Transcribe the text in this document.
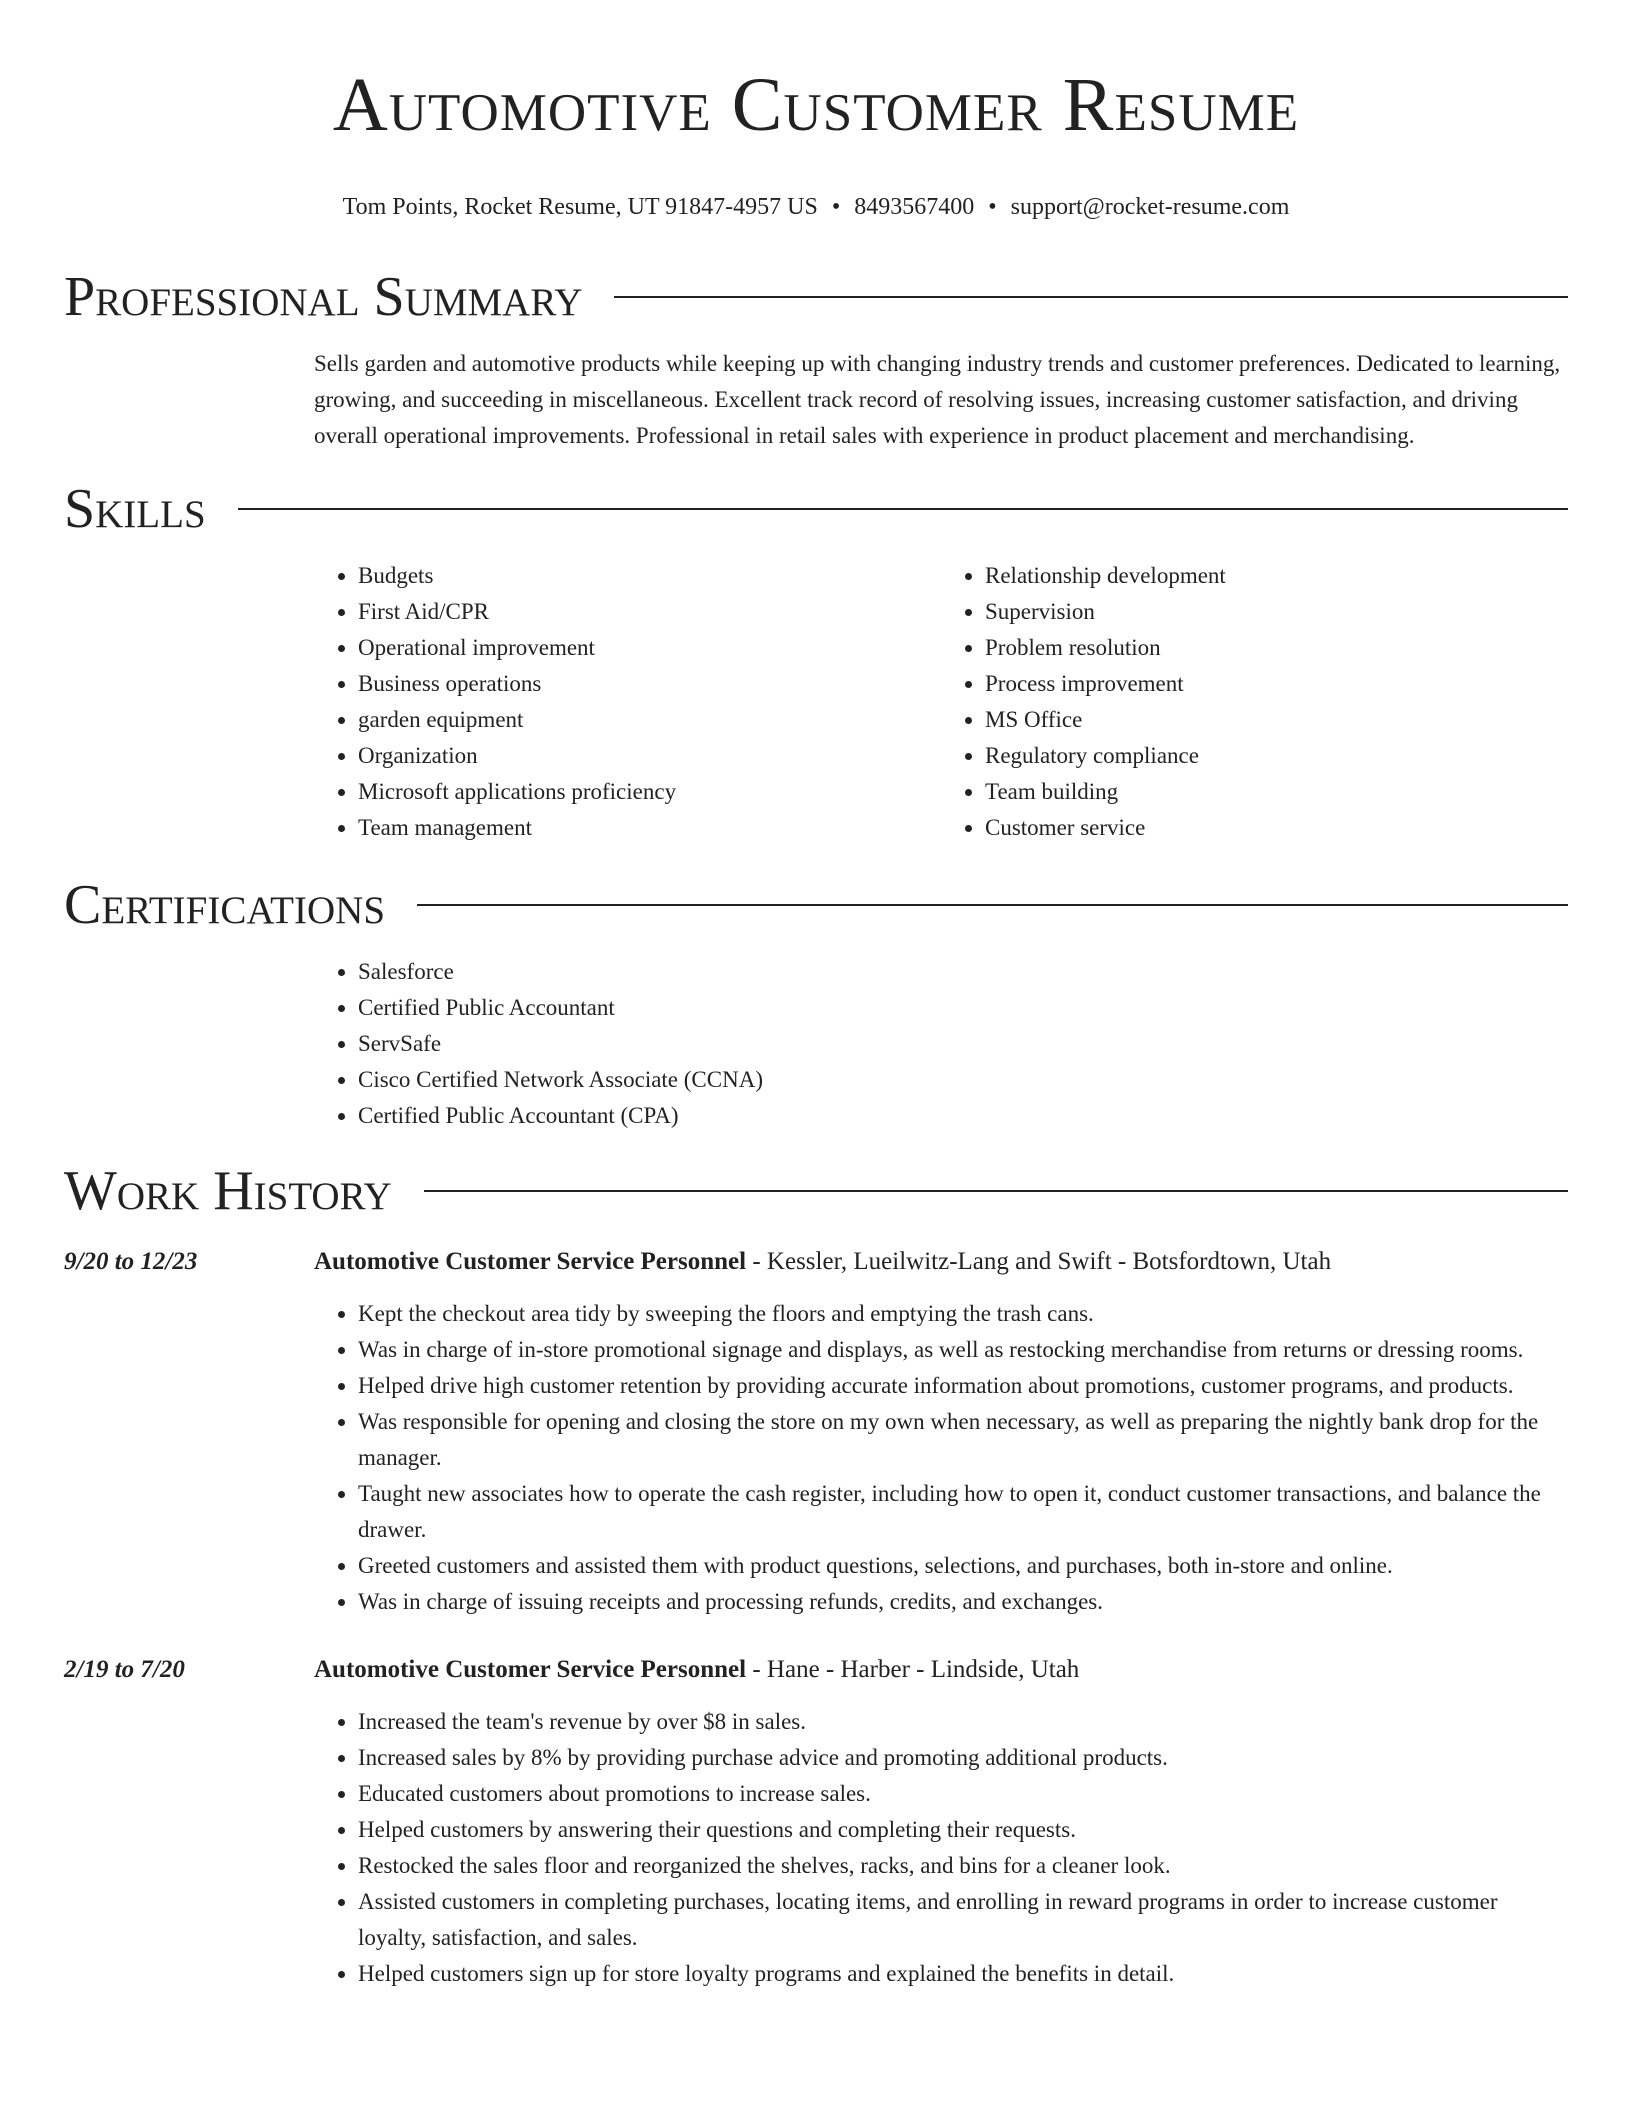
Automotive Customer Resume
Tom Points, Rocket Resume, UT 91847-4957 US • 8493567400 • support@rocket-resume.com
Professional Summary
Sells garden and automotive products while keeping up with changing industry trends and customer preferences. Dedicated to learning, growing, and succeeding in miscellaneous. Excellent track record of resolving issues, increasing customer satisfaction, and driving overall operational improvements. Professional in retail sales with experience in product placement and merchandising.
Skills
• Budgets
• First Aid/CPR
• Operational improvement
• Business operations
• garden equipment
• Organization
• Microsoft applications proficiency
• Team management
• Relationship development
• Supervision
• Problem resolution
• Process improvement
• MS Office
• Regulatory compliance
• Team building
• Customer service
Certifications
• Salesforce
• Certified Public Accountant
• ServSafe
• Cisco Certified Network Associate (CCNA)
• Certified Public Accountant (CPA)
Work History
9/20 to 12/23	Automotive Customer Service Personnel - Kessler, Lueilwitz-Lang and Swift - Botsfordtown, Utah
• Kept the checkout area tidy by sweeping the floors and emptying the trash cans.
• Was in charge of in-store promotional signage and displays, as well as restocking merchandise from returns or dressing rooms.
• Helped drive high customer retention by providing accurate information about promotions, customer programs, and products.
• Was responsible for opening and closing the store on my own when necessary, as well as preparing the nightly bank drop for the manager.
• Taught new associates how to operate the cash register, including how to open it, conduct customer transactions, and balance the drawer.
• Greeted customers and assisted them with product questions, selections, and purchases, both in-store and online.
• Was in charge of issuing receipts and processing refunds, credits, and exchanges.
2/19 to 7/20	Automotive Customer Service Personnel - Hane - Harber - Lindside, Utah
• Increased the team's revenue by over $8 in sales.
• Increased sales by 8% by providing purchase advice and promoting additional products.
• Educated customers about promotions to increase sales.
• Helped customers by answering their questions and completing their requests.
• Restocked the sales floor and reorganized the shelves, racks, and bins for a cleaner look.
• Assisted customers in completing purchases, locating items, and enrolling in reward programs in order to increase customer loyalty, satisfaction, and sales.
• Helped customers sign up for store loyalty programs and explained the benefits in detail.
